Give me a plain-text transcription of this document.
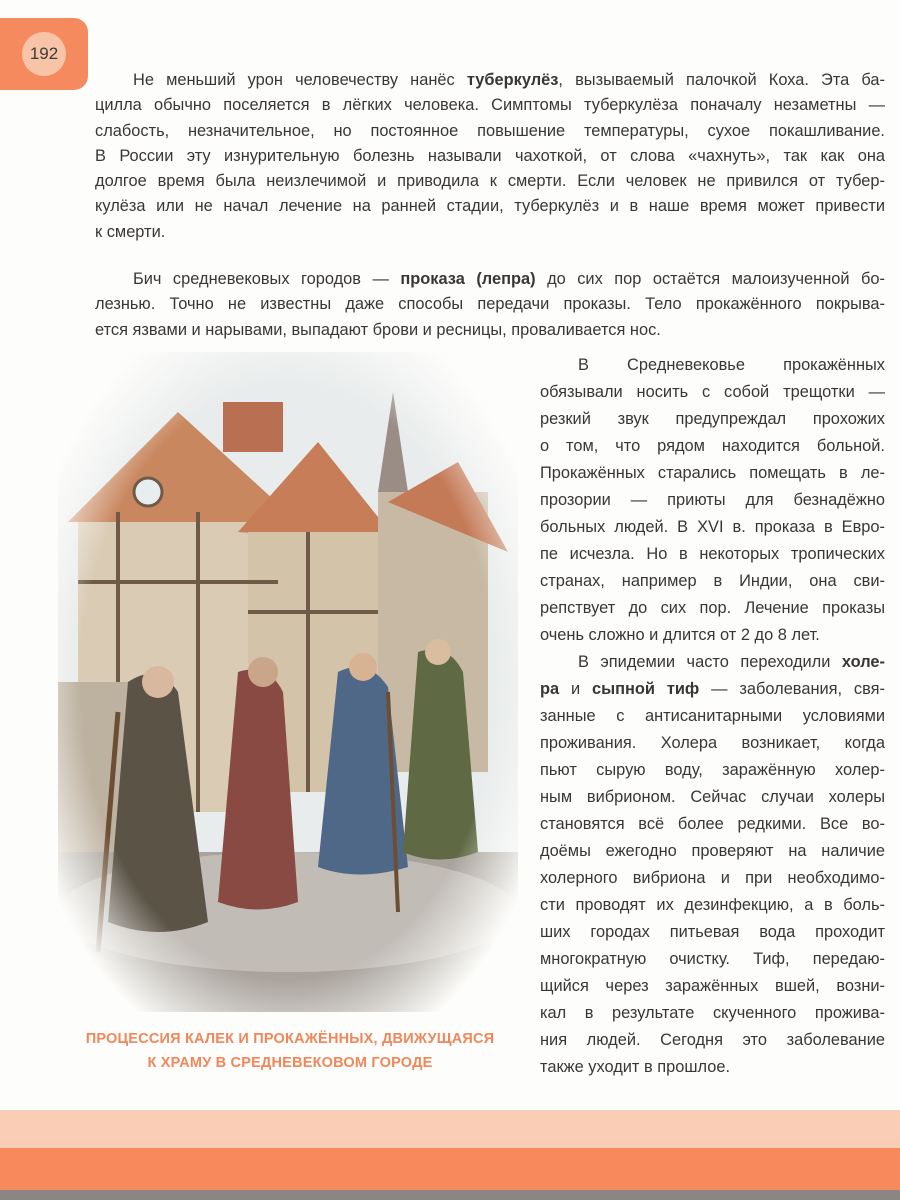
192
Не меньший урон человечеству нанёс туберкулёз, вызываемый палочкой Коха. Эта ба-
цилла обычно поселяется в лёгких человека. Симптомы туберкулёза поначалу незаметны —
слабость, незначительное, но постоянное повышение температуры, сухое покашливание.
В России эту изнурительную болезнь называли чахоткой, от слова «чахнуть», так как она
долгое время была неизлечимой и приводила к смерти. Если человек не привился от тубер-
кулёза или не начал лечение на ранней стадии, туберкулёз и в наше время может привести
к смерти.
Бич средневековых городов — проказа (лепра) до сих пор остаётся малоизученной бо-
лезнью. Точно не известны даже способы передачи проказы. Тело прокажённого покрыва-
ется язвами и нарывами, выпадают брови и ресницы, проваливается нос.
В Средневековье прокажённых
обязывали носить с собой трещотки —
резкий звук предупреждал прохожих
о том, что рядом находится больной.
Прокажённых старались помещать в ле-
прозории — приюты для безнадёжно
больных людей. В XVI в. проказа в Евро-
пе исчезла. Но в некоторых тропических
странах, например в Индии, она сви-
репствует до сих пор. Лечение проказы
очень сложно и длится от 2 до 8 лет.
В эпидемии часто переходили холе-
ра и сыпной тиф — заболевания, свя-
занные с антисанитарными условиями
проживания. Холера возникает, когда
пьют сырую воду, заражённую холер-
ным вибрионом. Сейчас случаи холеры
становятся всё более редкими. Все во-
доёмы ежегодно проверяют на наличие
холерного вибриона и при необходимо-
сти проводят их дезинфекцию, а в боль-
ших городах питьевая вода проходит
многократную очистку. Тиф, передаю-
щийся через заражённых вшей, возни-
кал в результате скученного прожива-
ния людей. Сегодня это заболевание
также уходит в прошлое.
ПРОЦЕССИЯ КАЛЕК И ПРОКАЖЁННЫХ, ДВИЖУЩАЯСЯ
К ХРАМУ В СРЕДНЕВЕКОВОМ ГОРОДЕ
